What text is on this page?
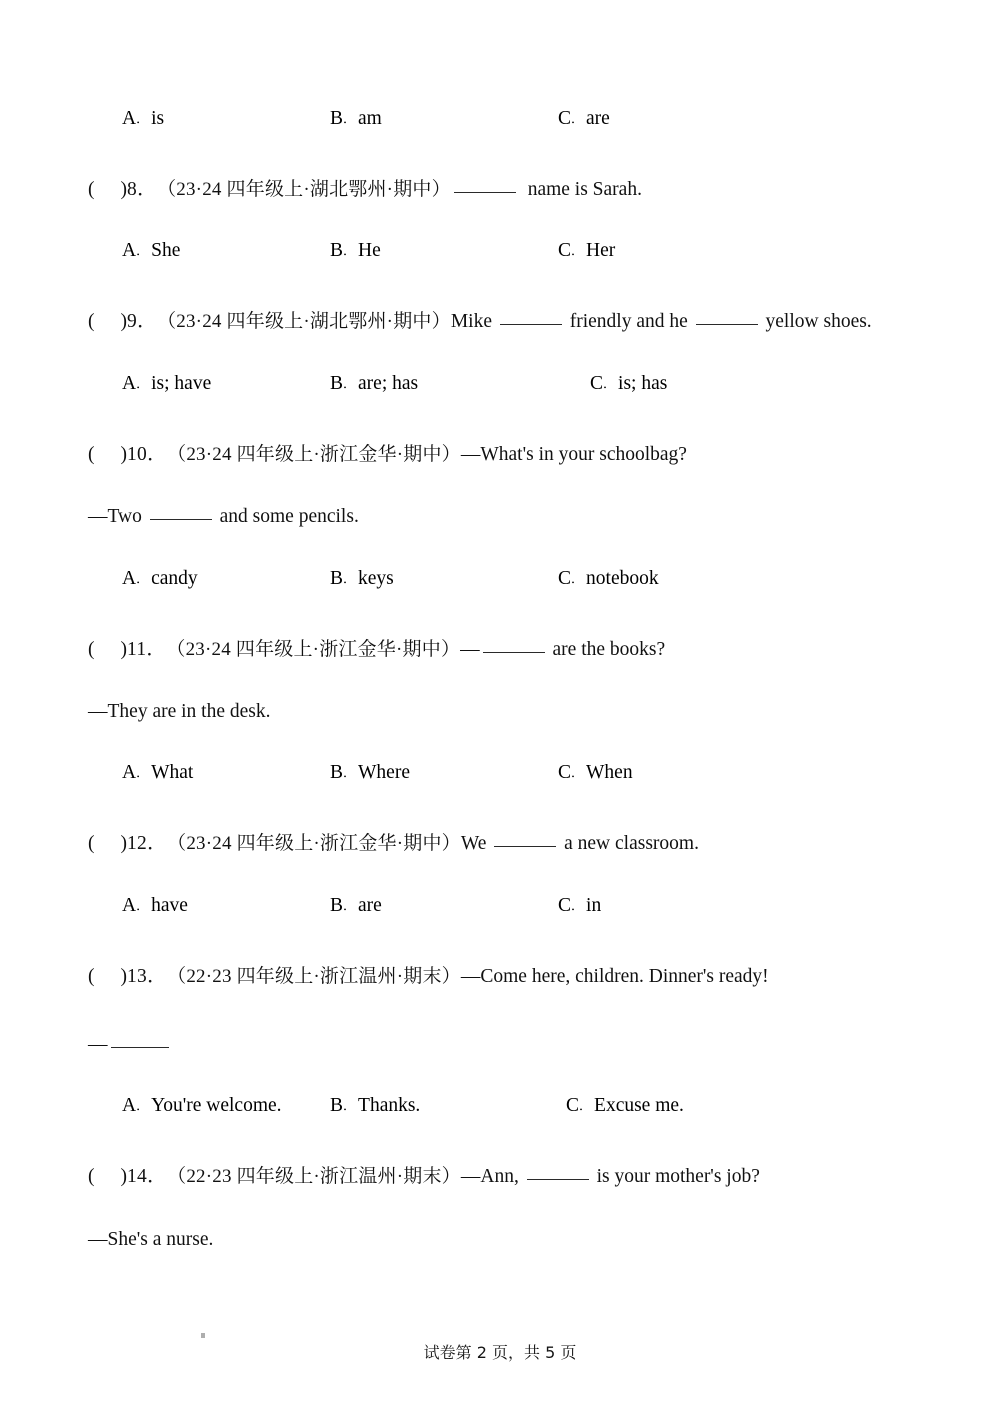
A ． is	B ． am	C ． are
( )8． （23·24 四年级上·湖北鄂州·期中）	name is Sarah.
A ． She	B ． He	C ． Her
( )9． （23·24 四年级上·湖北鄂州·期中）Mike	friendly and he	yellow shoes.
A ． is; have	B ． are; has	C ． is; has
( )10． （23·24 四年级上·浙江金华·期中）—What's in your schoolbag?
—Two	and some pencils.
A ． candy	B ． keys	C ． notebook
( )11． （23·24 四年级上·浙江金华·期中）—	are the books?
—They are in the desk.
A ． What	B ． Where	C ． When
( )12． （23·24 四年级上·浙江金华·期中）We	a new classroom.
A ． have	B ． are	C ． in
( )13． （22·23 四年级上·浙江温州·期末）—Come here, children. Dinner's ready!
—
A ． You're welcome. B ． Thanks.	C ． Excuse me.
( )14． （22·23 四年级上·浙江温州·期末）—Ann,	is your mother's job?
—She's a nurse.
试卷第 2 页，共 5 页
